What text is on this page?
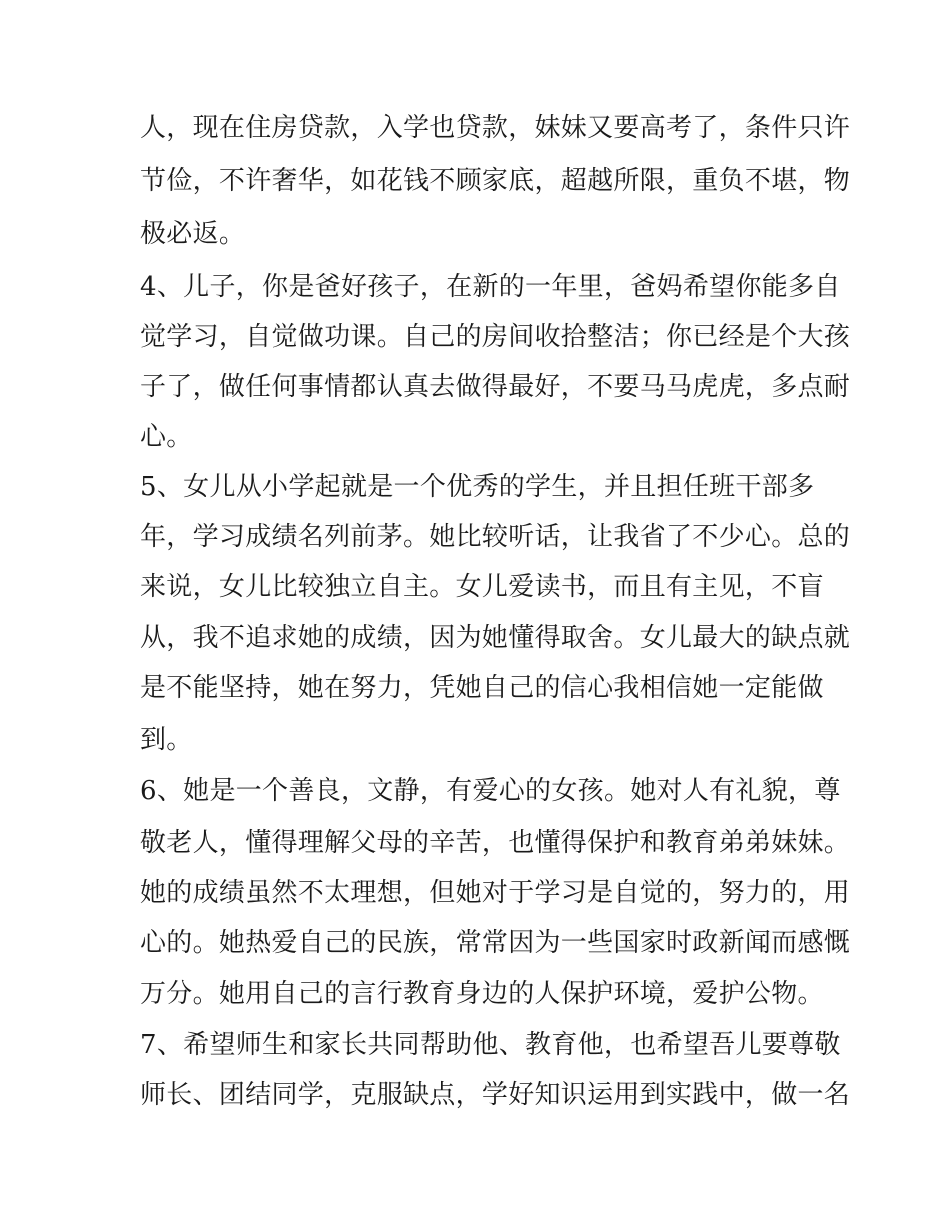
人，现在住房贷款，入学也贷款，妹妹又要高考了，条件只许
节俭，不许奢华，如花钱不顾家底，超越所限，重负不堪，物
极必返。
4、儿子，你是爸好孩子，在新的一年里，爸妈希望你能多自
觉学习，自觉做功课。自己的房间收拾整洁；你已经是个大孩
子了，做任何事情都认真去做得最好，不要马马虎虎，多点耐
心。
5、女儿从小学起就是一个优秀的学生，并且担任班干部多
年，学习成绩名列前茅。她比较听话，让我省了不少心。总的
来说，女儿比较独立自主。女儿爱读书，而且有主见，不盲
从，我不追求她的成绩，因为她懂得取舍。女儿最大的缺点就
是不能坚持，她在努力，凭她自己的信心我相信她一定能做
到。
6、她是一个善良，文静，有爱心的女孩。她对人有礼貌，尊
敬老人，懂得理解父母的辛苦，也懂得保护和教育弟弟妹妹。
她的成绩虽然不太理想，但她对于学习是自觉的，努力的，用
心的。她热爱自己的民族，常常因为一些国家时政新闻而感慨
万分。她用自己的言行教育身边的人保护环境，爱护公物。
7、希望师生和家长共同帮助他、教育他，也希望吾儿要尊敬
师长、团结同学，克服缺点，学好知识运用到实践中，做一名
